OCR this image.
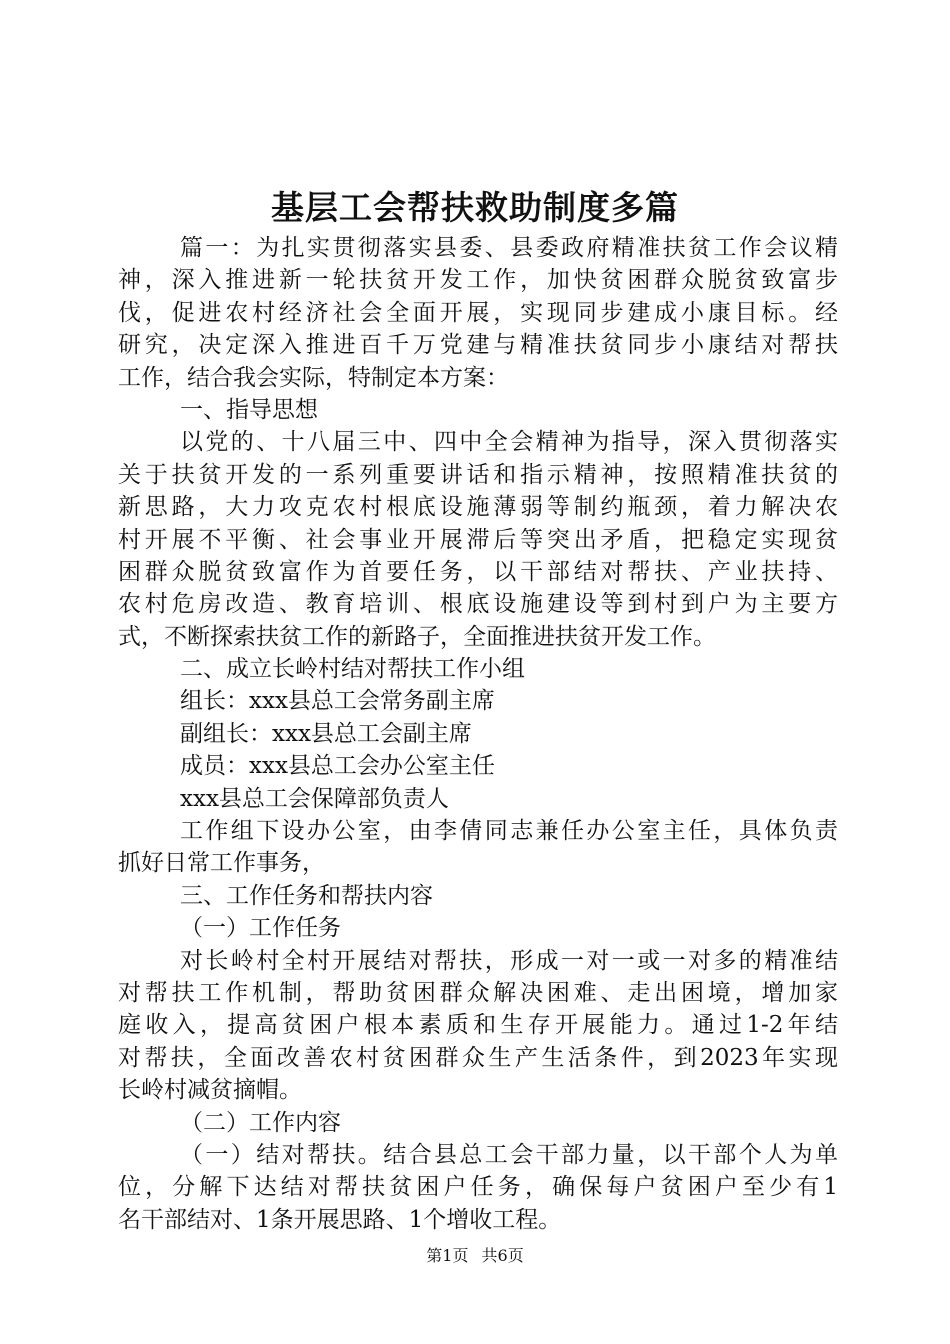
基层工会帮扶救助制度多篇
篇一：为扎实贯彻落实县委、县委政府精准扶贫工作会议精
神，深入推进新一轮扶贫开发工作，加快贫困群众脱贫致富步
伐，促进农村经济社会全面开展，实现同步建成小康目标。经
研究，决定深入推进百千万党建与精准扶贫同步小康结对帮扶
工作，结合我会实际，特制定本方案：
一、指导思想
以党的、十八届三中、四中全会精神为指导，深入贯彻落实
关于扶贫开发的一系列重要讲话和指示精神，按照精准扶贫的
新思路，大力攻克农村根底设施薄弱等制约瓶颈，着力解决农
村开展不平衡、社会事业开展滞后等突出矛盾，把稳定实现贫
困群众脱贫致富作为首要任务，以干部结对帮扶、产业扶持、
农村危房改造、教育培训、根底设施建设等到村到户为主要方
式，不断探索扶贫工作的新路子，全面推进扶贫开发工作。
二、成立长岭村结对帮扶工作小组
组长：xxx县总工会常务副主席
副组长：xxx县总工会副主席
成员：xxx县总工会办公室主任
xxx县总工会保障部负责人
工作组下设办公室，由李倩同志兼任办公室主任，具体负责
抓好日常工作事务，
三、工作任务和帮扶内容
（一）工作任务
对长岭村全村开展结对帮扶，形成一对一或一对多的精准结
对帮扶工作机制，帮助贫困群众解决困难、走出困境，增加家
庭收入，提高贫困户根本素质和生存开展能力。通过1-2年结
对帮扶，全面改善农村贫困群众生产生活条件，到2023年实现
长岭村减贫摘帽。
（二）工作内容
（一）结对帮扶。结合县总工会干部力量，以干部个人为单
位，分解下达结对帮扶贫困户任务，确保每户贫困户至少有1
名干部结对、1条开展思路、1个增收工程。
第1页 共6页
